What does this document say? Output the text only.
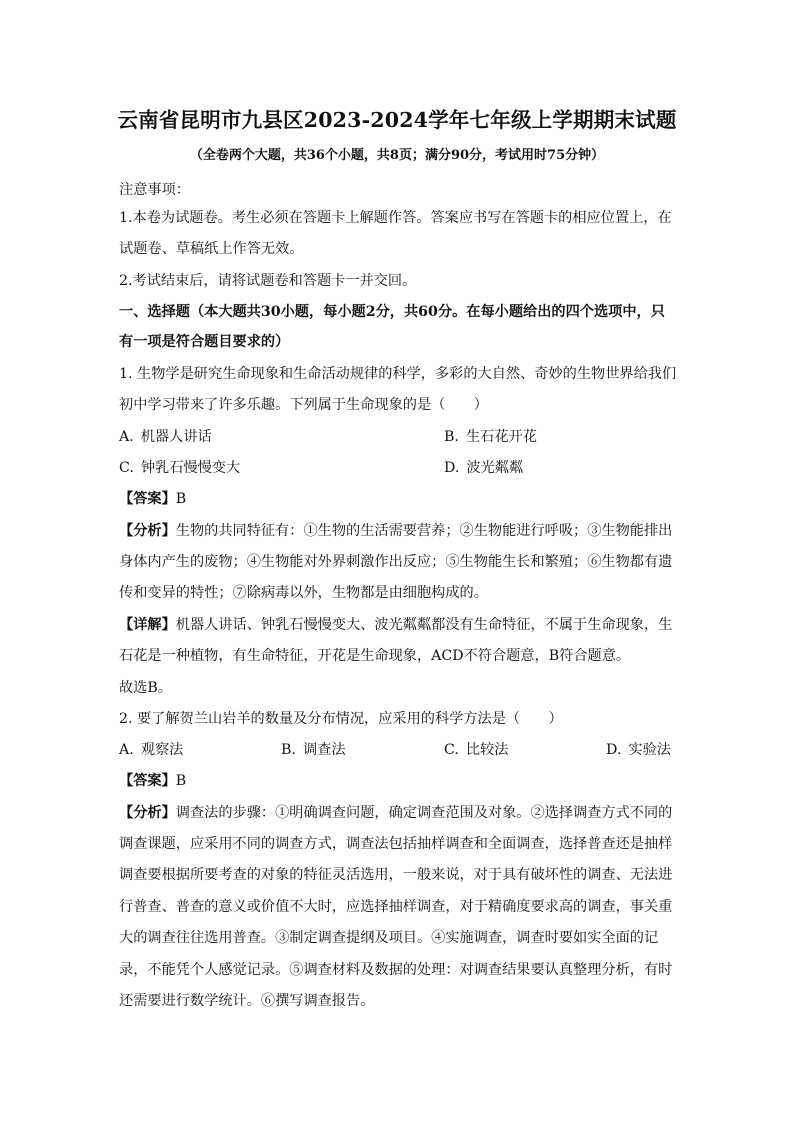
云南省昆明市九县区2023-2024学年七年级上学期期末试题
（全卷两个大题，共36个小题，共8页；满分90分，考试用时75分钟）
注意事项：
1.本卷为试题卷。考生必须在答题卡上解题作答。答案应书写在答题卡的相应位置上，在
试题卷、草稿纸上作答无效。
2.考试结束后，请将试题卷和答题卡一并交回。
一、选择题（本大题共30小题，每小题2分，共60分。在每小题给出的四个选项中，只
有一项是符合题目要求的）
1. 生物学是研究生命现象和生命活动规律的科学，多彩的大自然、奇妙的生物世界给我们
初中学习带来了许多乐趣。下列属于生命现象的是（　　）
A. 机器人讲话	B. 生石花开花
C. 钟乳石慢慢变大	D. 波光粼粼
【答案】B
【分析】生物的共同特征有：①生物的生活需要营养；②生物能进行呼吸；③生物能排出
身体内产生的废物；④生物能对外界刺激作出反应；⑤生物能生长和繁殖；⑥生物都有遗
传和变异的特性；⑦除病毒以外，生物都是由细胞构成的。
【详解】机器人讲话、钟乳石慢慢变大、波光粼粼都没有生命特征，不属于生命现象，生
石花是一种植物，有生命特征，开花是生命现象，ACD不符合题意，B符合题意。
故选B。
2. 要了解贺兰山岩羊的数量及分布情况，应采用的科学方法是（　　）
A. 观察法	B. 调查法	C. 比较法	D. 实验法
【答案】B
【分析】调查法的步骤：①明确调查问题，确定调查范围及对象。②选择调查方式不同的
调查课题，应采用不同的调查方式，调查法包括抽样调查和全面调查，选择普查还是抽样
调查要根据所要考查的对象的特征灵活选用，一般来说，对于具有破坏性的调查、无法进
行普查、普查的意义或价值不大时，应选择抽样调查，对于精确度要求高的调查，事关重
大的调查往往选用普查。③制定调查提纲及项目。④实施调查，调查时要如实全面的记
录，不能凭个人感觉记录。⑤调查材料及数据的处理：对调查结果要认真整理分析，有时
还需要进行数学统计。⑥撰写调查报告。
